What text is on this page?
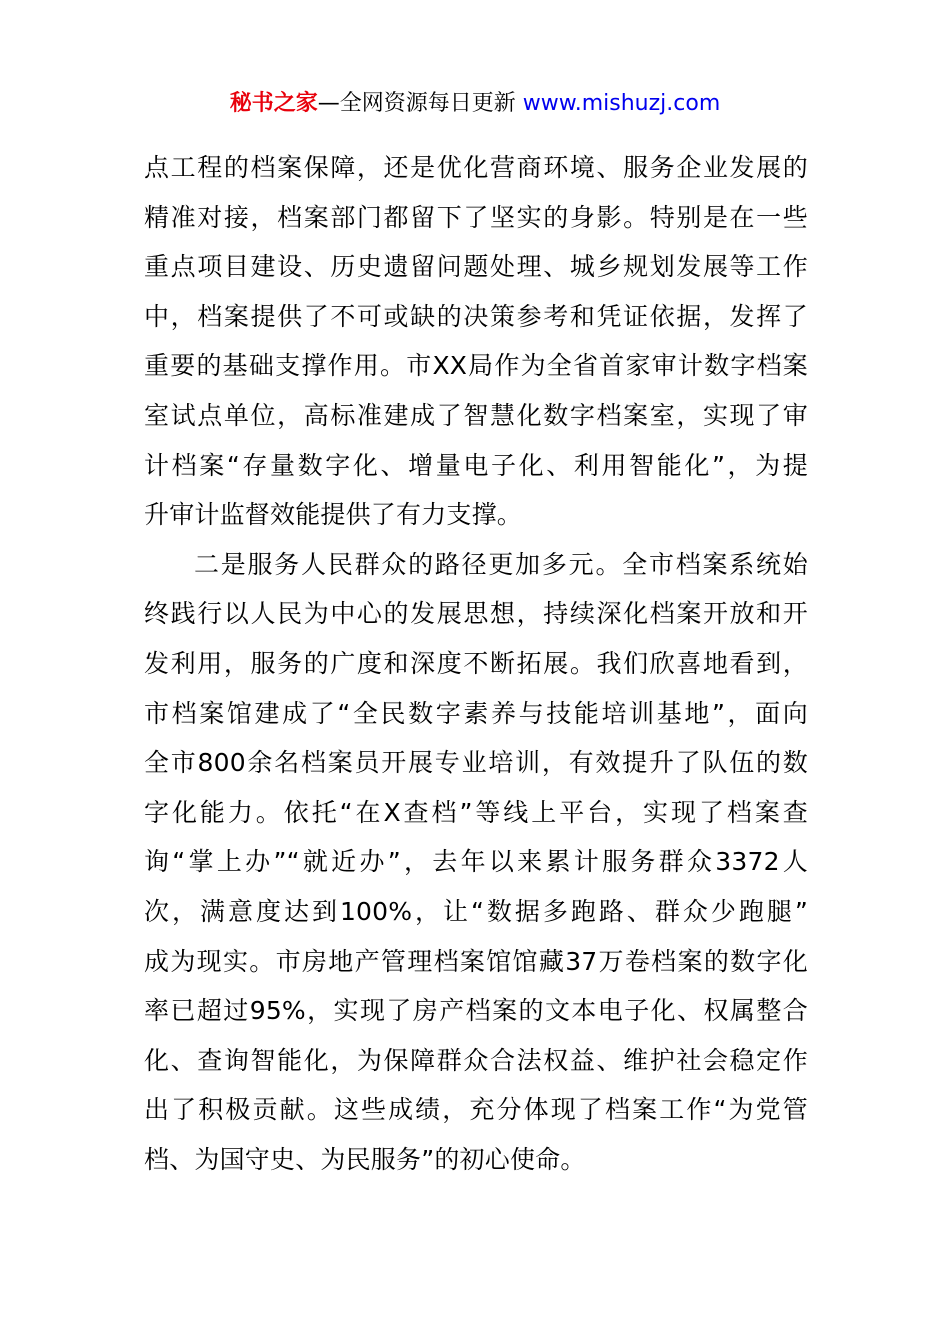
秘书之家—全网资源每日更新 www.mishuzj.com
点工程的档案保障，还是优化营商环境、服务企业发展的
精准对接，档案部门都留下了坚实的身影。特别是在一些
重点项目建设、历史遗留问题处理、城乡规划发展等工作
中，档案提供了不可或缺的决策参考和凭证依据，发挥了
重要的基础支撑作用。市XX局作为全省首家审计数字档案
室试点单位，高标准建成了智慧化数字档案室，实现了审
计档案“存量数字化、增量电子化、利用智能化”，为提
升审计监督效能提供了有力支撑。
二是服务人民群众的路径更加多元。全市档案系统始
终践行以人民为中心的发展思想，持续深化档案开放和开
发利用，服务的广度和深度不断拓展。我们欣喜地看到，
市档案馆建成了“全民数字素养与技能培训基地”，面向
全市800余名档案员开展专业培训，有效提升了队伍的数
字化能力。依托“在X查档”等线上平台，实现了档案查
询“掌上办”“就近办”，去年以来累计服务群众3372人
次，满意度达到100%，让“数据多跑路、群众少跑腿”
成为现实。市房地产管理档案馆馆藏37万卷档案的数字化
率已超过95%，实现了房产档案的文本电子化、权属整合
化、查询智能化，为保障群众合法权益、维护社会稳定作
出了积极贡献。这些成绩，充分体现了档案工作“为党管
档、为国守史、为民服务”的初心使命。
